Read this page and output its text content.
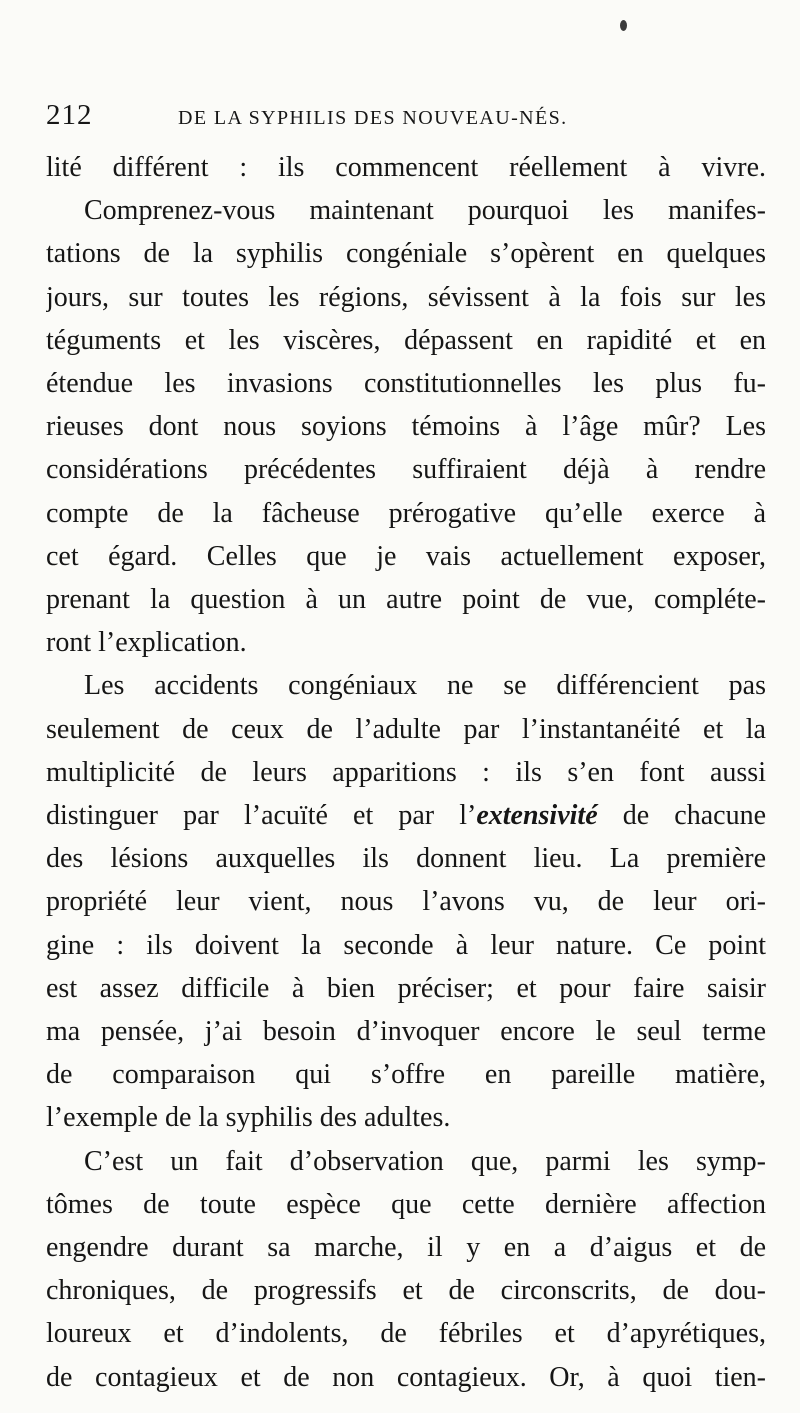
212	DE LA SYPHILIS DES NOUVEAU-NÉS.
lité différent : ils commencent réellement à vivre.
Comprenez-vous maintenant pourquoi les manifes-
tations de la syphilis congéniale s’opèrent en quelques
jours, sur toutes les régions, sévissent à la fois sur les
téguments et les viscères, dépassent en rapidité et en
étendue les invasions constitutionnelles les plus fu-
rieuses dont nous soyions témoins à l’âge mûr? Les
considérations précédentes suffiraient déjà à rendre
compte de la fâcheuse prérogative qu’elle exerce à
cet égard. Celles que je vais actuellement exposer,
prenant la question à un autre point de vue, compléte-
ront l’explication.
Les accidents congéniaux ne se différencient pas
seulement de ceux de l’adulte par l’instantanéité et la
multiplicité de leurs apparitions : ils s’en font aussi
distinguer par l’acuïté et par l’extensivité de chacune
des lésions auxquelles ils donnent lieu. La première
propriété leur vient, nous l’avons vu, de leur ori-
gine : ils doivent la seconde à leur nature. Ce point
est assez difficile à bien préciser; et pour faire saisir
ma pensée, j’ai besoin d’invoquer encore le seul terme
de comparaison qui s’offre en pareille matière,
l’exemple de la syphilis des adultes.
C’est un fait d’observation que, parmi les symp-
tômes de toute espèce que cette dernière affection
engendre durant sa marche, il y en a d’aigus et de
chroniques, de progressifs et de circonscrits, de dou-
loureux et d’indolents, de fébriles et d’apyrétiques,
de contagieux et de non contagieux. Or, à quoi tien-
